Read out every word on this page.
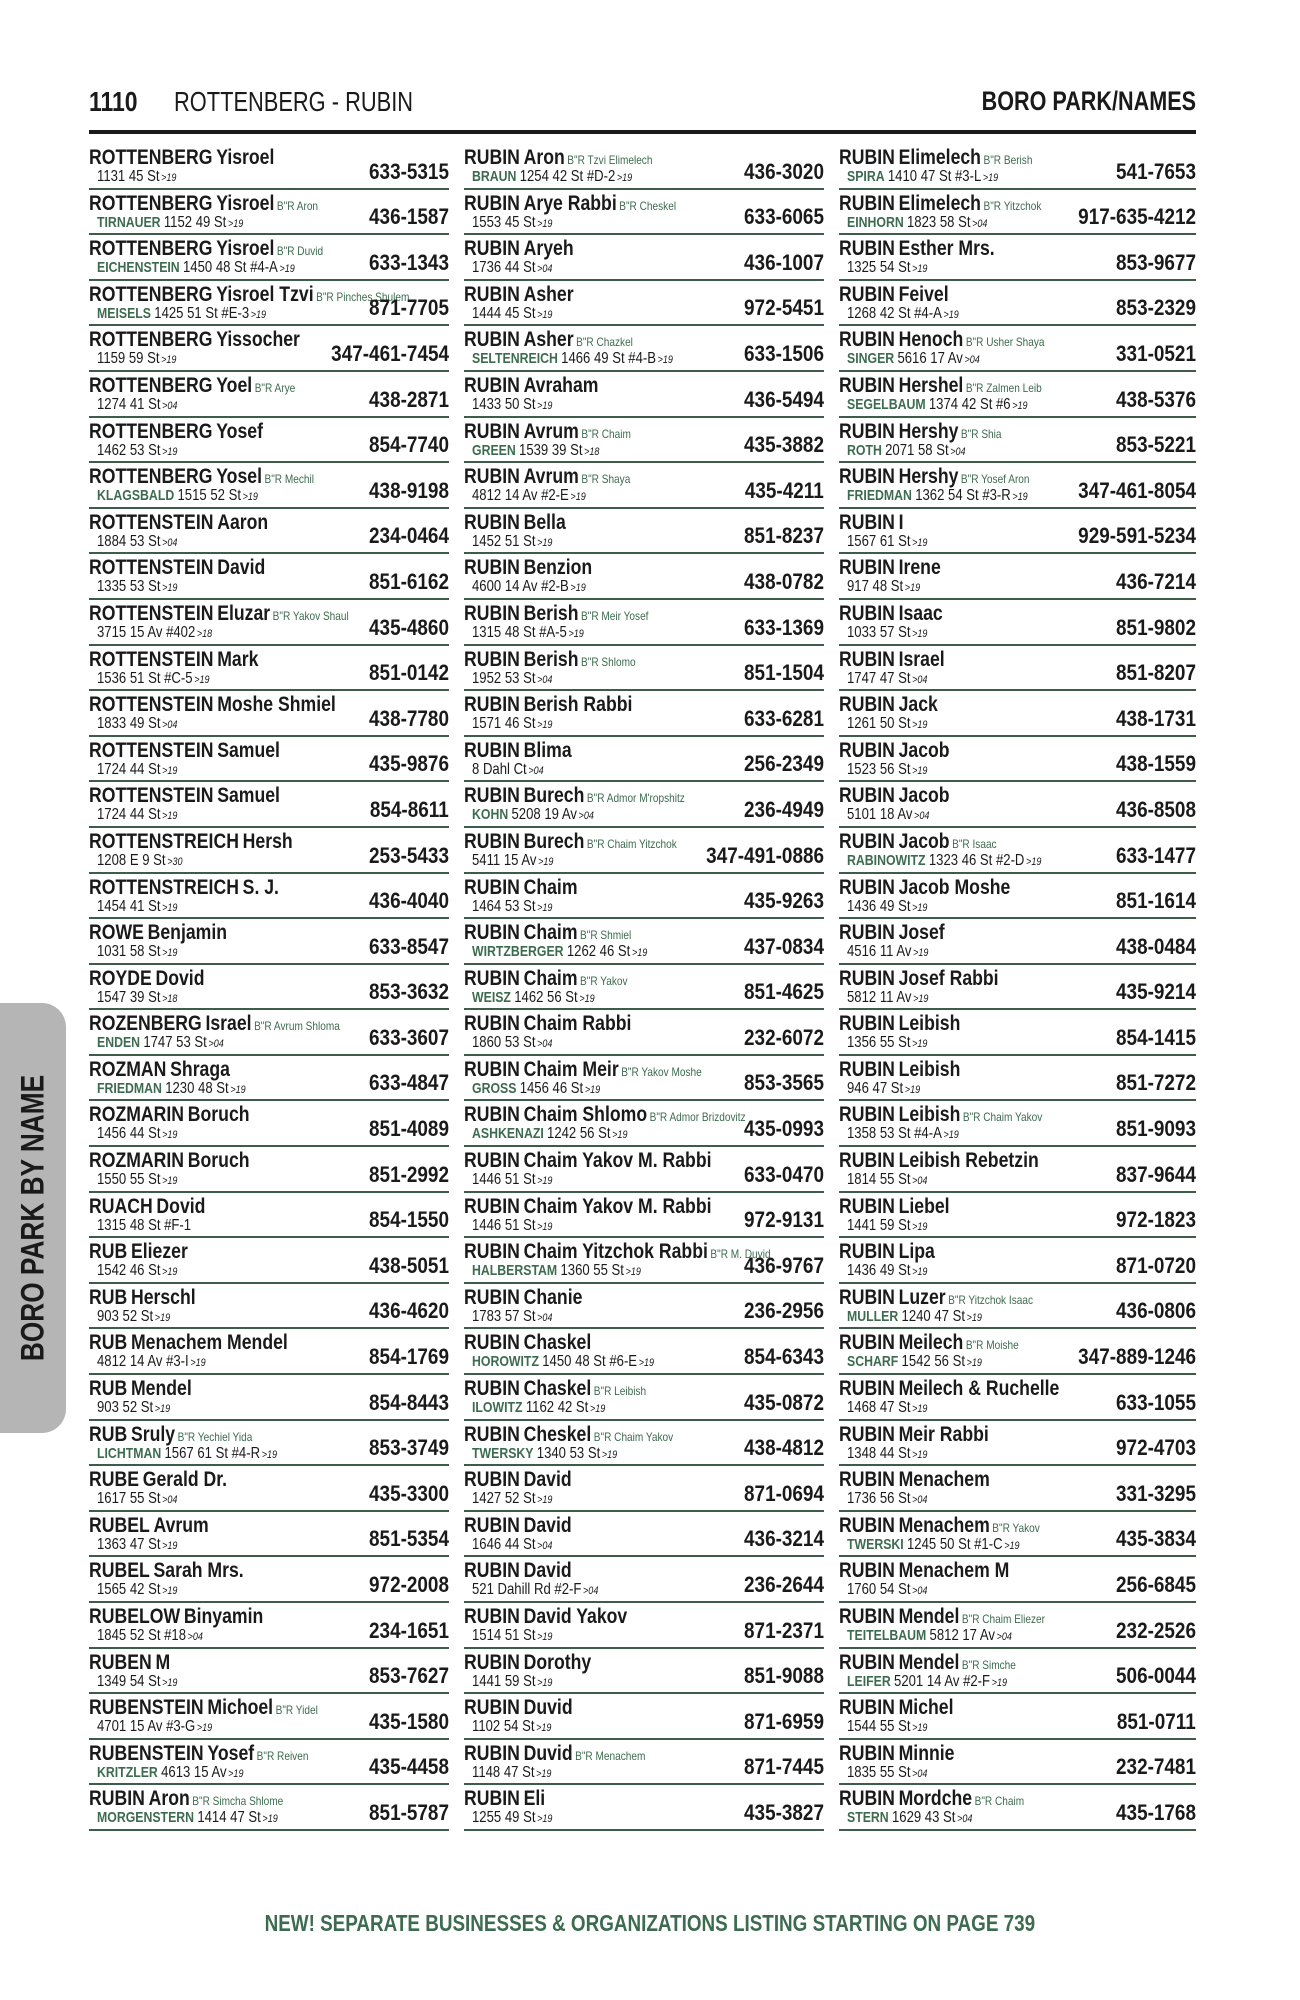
1110 ROTTENBERG - RUBIN	BORO PARK/NAMES
BORO PARK BY NAME
ROTTENBERG Yisroel
1131 45 St >19	633-5315
ROTTENBERG Yisroel B"R Aron
TIRNAUER 1152 49 St >19	436-1587
ROTTENBERG Yisroel B"R Duvid
EICHENSTEIN 1450 48 St #4-A >19	633-1343
ROTTENBERG Yisroel Tzvi B"R Pinches Shulem
MEISELS 1425 51 St #E-3 >19	871-7705
ROTTENBERG Yissocher
1159 59 St >19	347-461-7454
ROTTENBERG Yoel B"R Arye
1274 41 St >04	438-2871
ROTTENBERG Yosef
1462 53 St >19	854-7740
ROTTENBERG Yosel B"R Mechil
KLAGSBALD 1515 52 St >19	438-9198
ROTTENSTEIN Aaron
1884 53 St >04	234-0464
ROTTENSTEIN David
1335 53 St >19	851-6162
ROTTENSTEIN Eluzar B"R Yakov Shaul
3715 15 Av #402 >18	435-4860
ROTTENSTEIN Mark
1536 51 St #C-5 >19	851-0142
ROTTENSTEIN Moshe Shmiel
1833 49 St >04	438-7780
ROTTENSTEIN Samuel
1724 44 St >19	435-9876
ROTTENSTEIN Samuel
1724 44 St >19	854-8611
ROTTENSTREICH Hersh
1208 E 9 St >30	253-5433
ROTTENSTREICH S. J.
1454 41 St >19	436-4040
ROWE Benjamin
1031 58 St >19	633-8547
ROYDE Dovid
1547 39 St >18	853-3632
ROZENBERG Israel B"R Avrum Shloma
ENDEN 1747 53 St >04	633-3607
ROZMAN Shraga
FRIEDMAN 1230 48 St >19	633-4847
ROZMARIN Boruch
1456 44 St >19	851-4089
ROZMARIN Boruch
1550 55 St >19	851-2992
RUACH Dovid
1315 48 St #F-1	854-1550
RUB Eliezer
1542 46 St >19	438-5051
RUB Herschl
903 52 St >19	436-4620
RUB Menachem Mendel
4812 14 Av #3-I >19	854-1769
RUB Mendel
903 52 St >19	854-8443
RUB Sruly B"R Yechiel Yida
LICHTMAN 1567 61 St #4-R >19	853-3749
RUBE Gerald Dr.
1617 55 St >04	435-3300
RUBEL Avrum
1363 47 St >19	851-5354
RUBEL Sarah Mrs.
1565 42 St >19	972-2008
RUBELOW Binyamin
1845 52 St #18 >04	234-1651
RUBEN M
1349 54 St >19	853-7627
RUBENSTEIN Michoel B"R Yidel
4701 15 Av #3-G >19	435-1580
RUBENSTEIN Yosef B"R Reiven
KRITZLER 4613 15 Av >19	435-4458
RUBIN Aron B"R Simcha Shlome
MORGENSTERN 1414 47 St >19	851-5787
RUBIN Aron B"R Tzvi Elimelech
BRAUN 1254 42 St #D-2 >19	436-3020
RUBIN Arye Rabbi B"R Cheskel
1553 45 St >19	633-6065
RUBIN Aryeh
1736 44 St >04	436-1007
RUBIN Asher
1444 45 St >19	972-5451
RUBIN Asher B"R Chazkel
SELTENREICH 1466 49 St #4-B >19	633-1506
RUBIN Avraham
1433 50 St >19	436-5494
RUBIN Avrum B"R Chaim
GREEN 1539 39 St >18	435-3882
RUBIN Avrum B"R Shaya
4812 14 Av #2-E >19	435-4211
RUBIN Bella
1452 51 St >19	851-8237
RUBIN Benzion
4600 14 Av #2-B >19	438-0782
RUBIN Berish B"R Meir Yosef
1315 48 St #A-5 >19	633-1369
RUBIN Berish B"R Shlomo
1952 53 St >04	851-1504
RUBIN Berish Rabbi
1571 46 St >19	633-6281
RUBIN Blima
8 Dahl Ct >04	256-2349
RUBIN Burech B"R Admor M'ropshitz
KOHN 5208 19 Av >04	236-4949
RUBIN Burech B"R Chaim Yitzchok
5411 15 Av >19	347-491-0886
RUBIN Chaim
1464 53 St >19	435-9263
RUBIN Chaim B"R Shmiel
WIRTZBERGER 1262 46 St >19	437-0834
RUBIN Chaim B"R Yakov
WEISZ 1462 56 St >19	851-4625
RUBIN Chaim Rabbi
1860 53 St >04	232-6072
RUBIN Chaim Meir B"R Yakov Moshe
GROSS 1456 46 St >19	853-3565
RUBIN Chaim Shlomo B"R Admor Brizdovitz
ASHKENAZI 1242 56 St >19	435-0993
RUBIN Chaim Yakov M. Rabbi
1446 51 St >19	633-0470
RUBIN Chaim Yakov M. Rabbi
1446 51 St >19	972-9131
RUBIN Chaim Yitzchok Rabbi B"R M. Duvid
HALBERSTAM 1360 55 St >19	436-9767
RUBIN Chanie
1783 57 St >04	236-2956
RUBIN Chaskel
HOROWITZ 1450 48 St #6-E >19	854-6343
RUBIN Chaskel B"R Leibish
ILOWITZ 1162 42 St >19	435-0872
RUBIN Cheskel B"R Chaim Yakov
TWERSKY 1340 53 St >19	438-4812
RUBIN David
1427 52 St >19	871-0694
RUBIN David
1646 44 St >04	436-3214
RUBIN David
521 Dahill Rd #2-F >04	236-2644
RUBIN David Yakov
1514 51 St >19	871-2371
RUBIN Dorothy
1441 59 St >19	851-9088
RUBIN Duvid
1102 54 St >19	871-6959
RUBIN Duvid B"R Menachem
1148 47 St >19	871-7445
RUBIN Eli
1255 49 St >19	435-3827
RUBIN Elimelech B"R Berish
SPIRA 1410 47 St #3-L >19	541-7653
RUBIN Elimelech B"R Yitzchok
EINHORN 1823 58 St >04	917-635-4212
RUBIN Esther Mrs.
1325 54 St >19	853-9677
RUBIN Feivel
1268 42 St #4-A >19	853-2329
RUBIN Henoch B"R Usher Shaya
SINGER 5616 17 Av >04	331-0521
RUBIN Hershel B"R Zalmen Leib
SEGELBAUM 1374 42 St #6 >19	438-5376
RUBIN Hershy B"R Shia
ROTH 2071 58 St >04	853-5221
RUBIN Hershy B"R Yosef Aron
FRIEDMAN 1362 54 St #3-R >19 347-461-8054
RUBIN I
1567 61 St >19	929-591-5234
RUBIN Irene
917 48 St >19	436-7214
RUBIN Isaac
1033 57 St >19	851-9802
RUBIN Israel
1747 47 St >04	851-8207
RUBIN Jack
1261 50 St >19	438-1731
RUBIN Jacob
1523 56 St >19	438-1559
RUBIN Jacob
5101 18 Av >04	436-8508
RUBIN Jacob B"R Isaac
RABINOWITZ 1323 46 St #2-D >19	633-1477
RUBIN Jacob Moshe
1436 49 St >19	851-1614
RUBIN Josef
4516 11 Av >19	438-0484
RUBIN Josef Rabbi
5812 11 Av >19	435-9214
RUBIN Leibish
1356 55 St >19	854-1415
RUBIN Leibish
946 47 St >19	851-7272
RUBIN Leibish B"R Chaim Yakov
1358 53 St #4-A >19	851-9093
RUBIN Leibish Rebetzin
1814 55 St >04	837-9644
RUBIN Liebel
1441 59 St >19	972-1823
RUBIN Lipa
1436 49 St >19	871-0720
RUBIN Luzer B"R Yitzchok Isaac
MULLER 1240 47 St >19	436-0806
RUBIN Meilech B"R Moishe
SCHARF 1542 56 St >19	347-889-1246
RUBIN Meilech & Ruchelle
1468 47 St >19	633-1055
RUBIN Meir Rabbi
1348 44 St >19	972-4703
RUBIN Menachem
1736 56 St >04	331-3295
RUBIN Menachem B"R Yakov
TWERSKI 1245 50 St #1-C >19	435-3834
RUBIN Menachem M
1760 54 St >04	256-6845
RUBIN Mendel B"R Chaim Eliezer
TEITELBAUM 5812 17 Av >04	232-2526
RUBIN Mendel B"R Simche
LEIFER 5201 14 Av #2-F >19	506-0044
RUBIN Michel
1544 55 St >19	851-0711
RUBIN Minnie
1835 55 St >04	232-7481
RUBIN Mordche B"R Chaim
STERN 1629 43 St >04	435-1768
NEW! SEPARATE BUSINESSES & ORGANIZATIONS LISTING STARTING ON PAGE 739
